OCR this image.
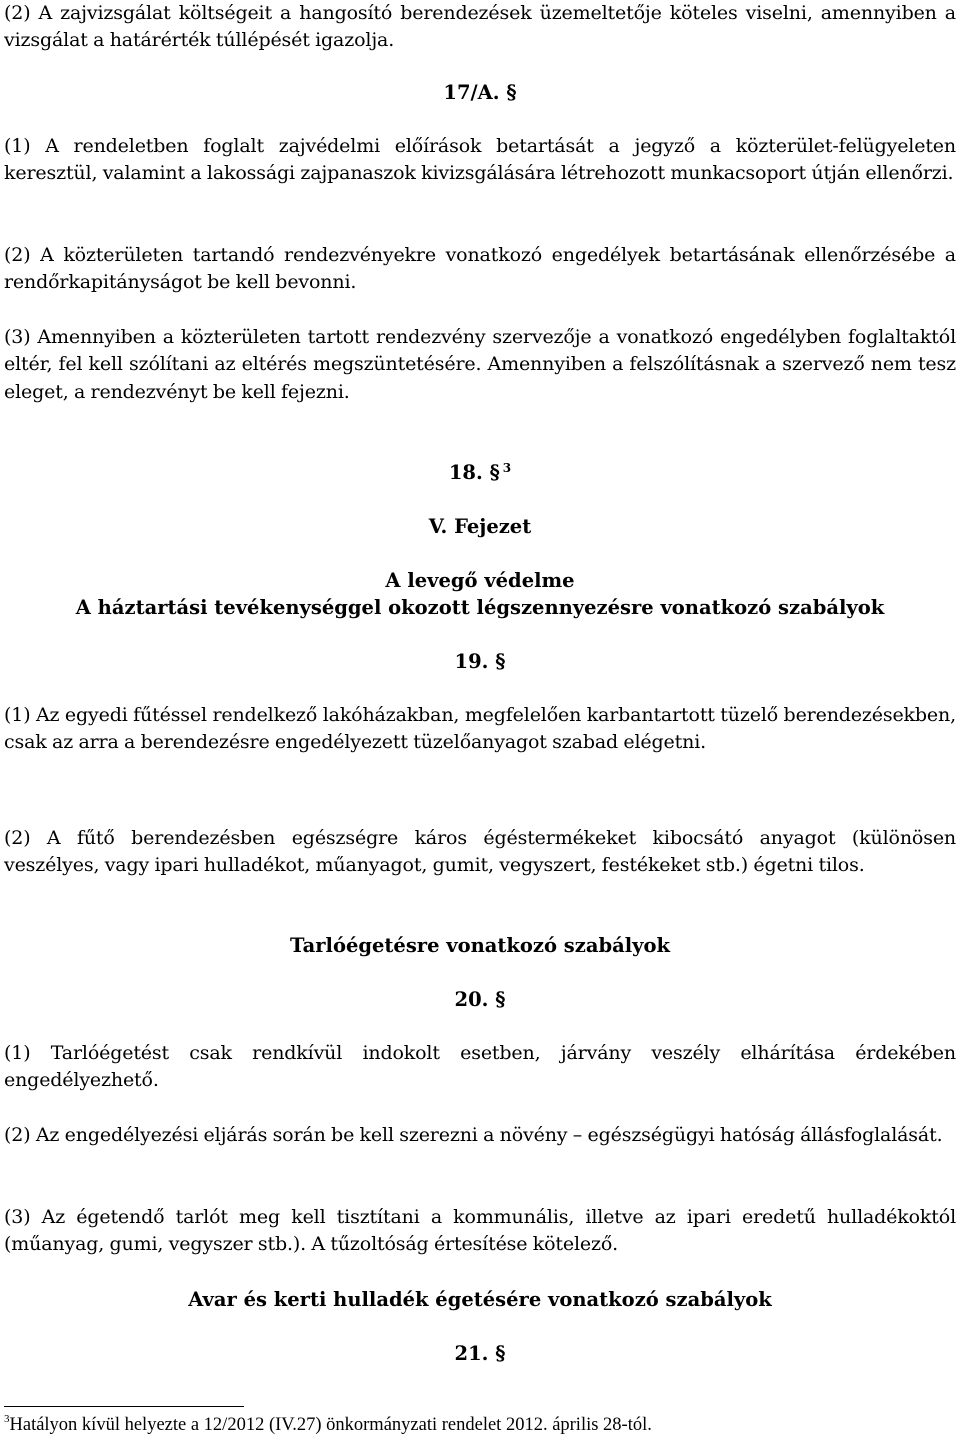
(2) A zajvizsgálat költségeit a hangosító berendezések üzemeltetője köteles viselni, amennyiben a vizsgálat a határérték túllépését igazolja.

17/A. §

(1) A rendeletben foglalt zajvédelmi előírások betartását a jegyző a közterület-felügyeleten keresztül, valamint a lakossági zajpanaszok kivizsgálására létrehozott munkacsoport útján ellenőrzi.

(2) A közterületen tartandó rendezvényekre vonatkozó engedélyek betartásának ellenőrzésébe a rendőrkapitányságot be kell bevonni.

(3) Amennyiben a közterületen tartott rendezvény szervezője a vonatkozó engedélyben foglaltaktól eltér, fel kell szólítani az eltérés megszüntetésére. Amennyiben a felszólításnak a szervező nem tesz eleget, a rendezvényt be kell fejezni.

18. § $^3$
V. Fejezet
A levegő védelme
A háztartási tevékenységgel okozott légszennyezésre vonatkozó szabályok
19. §

(1) Az egyedi fűtéssel rendelkező lakóházakban, megfelelően karbantartott tüzelő berendezésekben, csak az arra a berendezésre engedélyezett tüzelőanyagot szabad elégetni.

(2) A fűtő berendezésben egészségre káros égéstermékeket kibocsátó anyagot (különösen veszélyes, vagy ipari hulladékot, műanyagot, gumit, vegyszert, festékeket stb.) égetni tilos.

Tarlóégetésre vonatkozó szabályok
20. §

(1) Tarlóégetést csak rendkívül indokolt esetben, járvány veszély elhárítása érdekében engedélyezhető.

(2) Az engedélyezési eljárás során be kell szerezni a növény – egészségügyi hatóság állásfoglalását.

(3) Az égetendő tarlót meg kell tisztítani a kommunális, illetve az ipari eredetű hulladékoktól (műanyag, gumi, vegyszer stb.). A tűzoltóság értesítése kötelező.

Avar és kerti hulladék égetésére vonatkozó szabályok
21. §
$^3$Hatályon kívül helyezte a 12/2012 (IV.27) önkormányzati rendelet 2012. április 28-tól.
